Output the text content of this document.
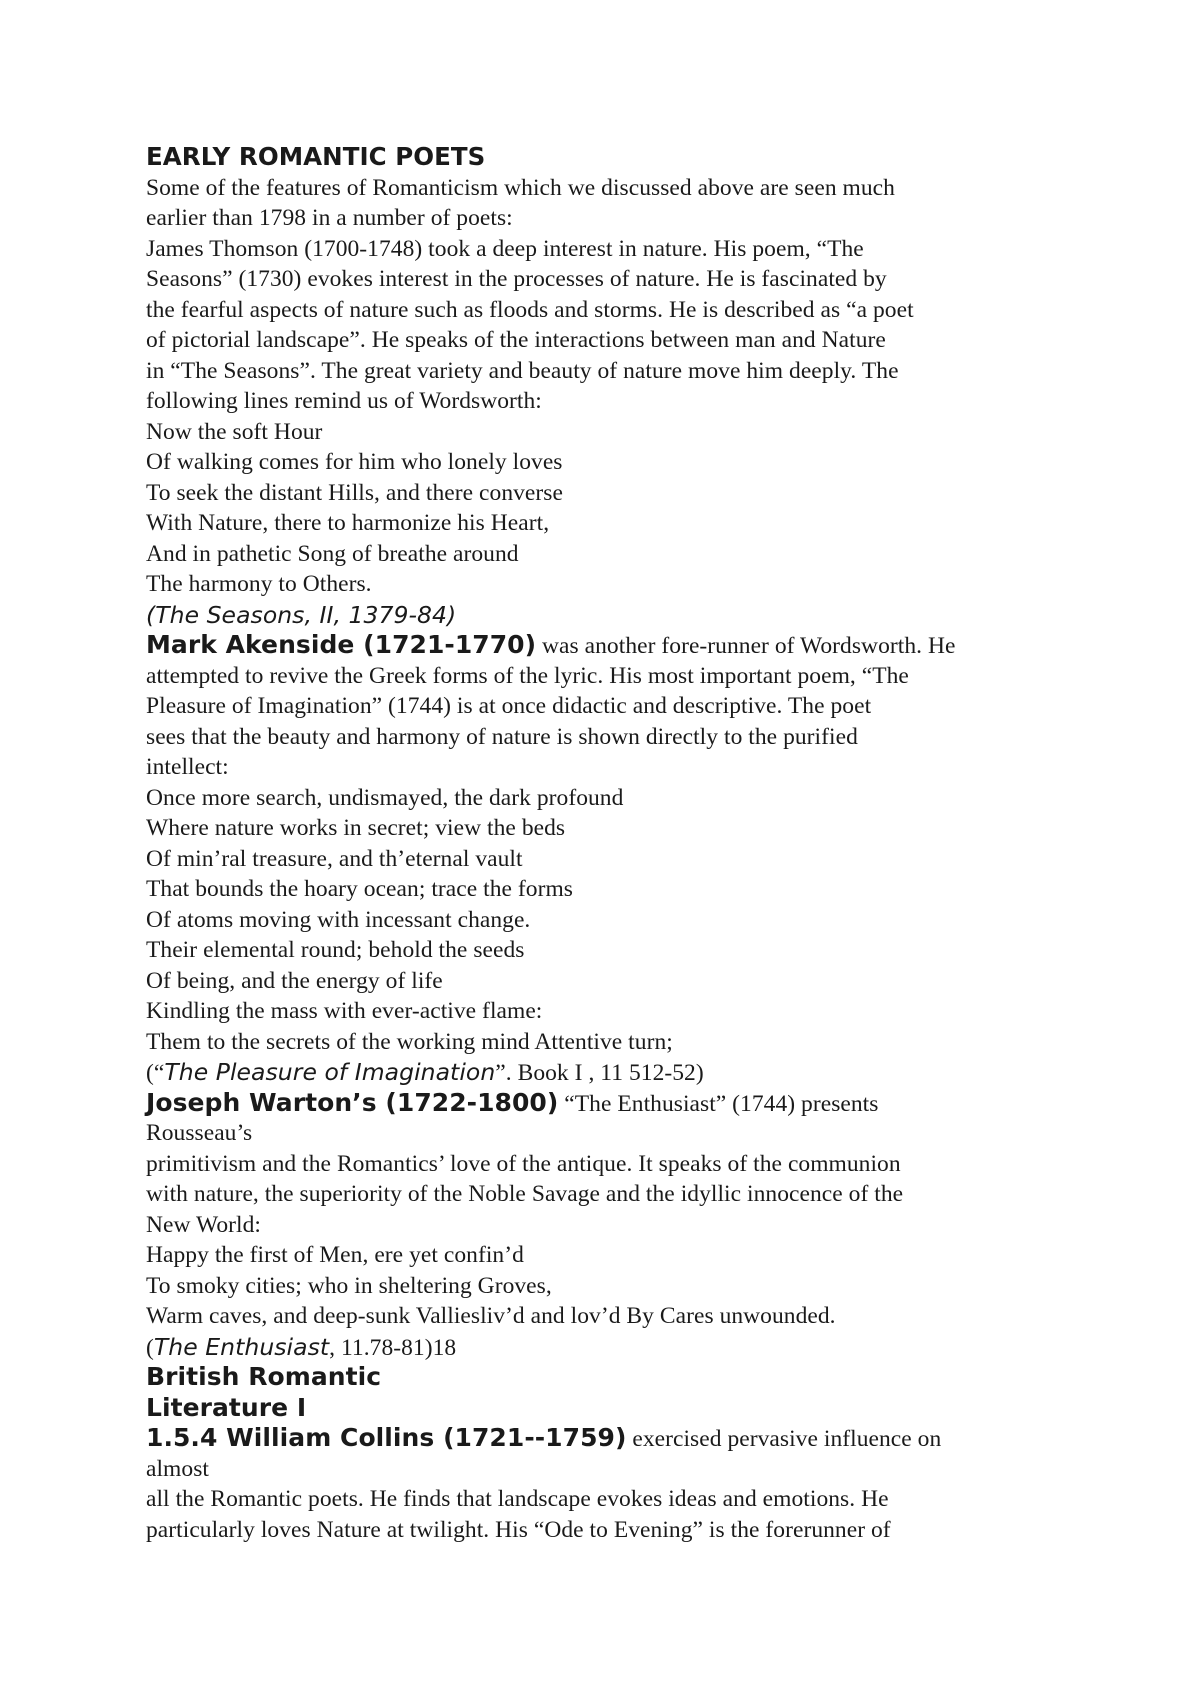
EARLY ROMANTIC POETS
Some of the features of Romanticism which we discussed above are seen much
earlier than 1798 in a number of poets:
James Thomson (1700-1748) took a deep interest in nature. His poem, “The
Seasons” (1730) evokes interest in the processes of nature. He is fascinated by
the fearful aspects of nature such as floods and storms. He is described as “a poet
of pictorial landscape”. He speaks of the interactions between man and Nature
in “The Seasons”. The great variety and beauty of nature move him deeply. The
following lines remind us of Wordsworth:
Now the soft Hour
Of walking comes for him who lonely loves
To seek the distant Hills, and there converse
With Nature, there to harmonize his Heart,
And in pathetic Song of breathe around
The harmony to Others.
(The Seasons, II, 1379-84)
Mark Akenside (1721-1770) was another fore-runner of Wordsworth. He
attempted to revive the Greek forms of the lyric. His most important poem, “The
Pleasure of Imagination” (1744) is at once didactic and descriptive. The poet
sees that the beauty and harmony of nature is shown directly to the purified
intellect:
Once more search, undismayed, the dark profound
Where nature works in secret; view the beds
Of min’ral treasure, and th’eternal vault
That bounds the hoary ocean; trace the forms
Of atoms moving with incessant change.
Their elemental round; behold the seeds
Of being, and the energy of life
Kindling the mass with ever-active flame:
Them to the secrets of the working mind Attentive turn;
(“The Pleasure of Imagination”. Book I , 11 512-52)
Joseph Warton’s (1722-1800) “The Enthusiast” (1744) presents
Rousseau’s
primitivism and the Romantics’ love of the antique. It speaks of the communion
with nature, the superiority of the Noble Savage and the idyllic innocence of the
New World:
Happy the first of Men, ere yet confin’d
To smoky cities; who in sheltering Groves,
Warm caves, and deep-sunk Valliesliv’d and lov’d By Cares unwounded.
(The Enthusiast, 11.78-81)18
British Romantic
Literature I
1.5.4 William Collins (1721--1759) exercised pervasive influence on
almost
all the Romantic poets. He finds that landscape evokes ideas and emotions. He
particularly loves Nature at twilight. His “Ode to Evening” is the forerunner of
